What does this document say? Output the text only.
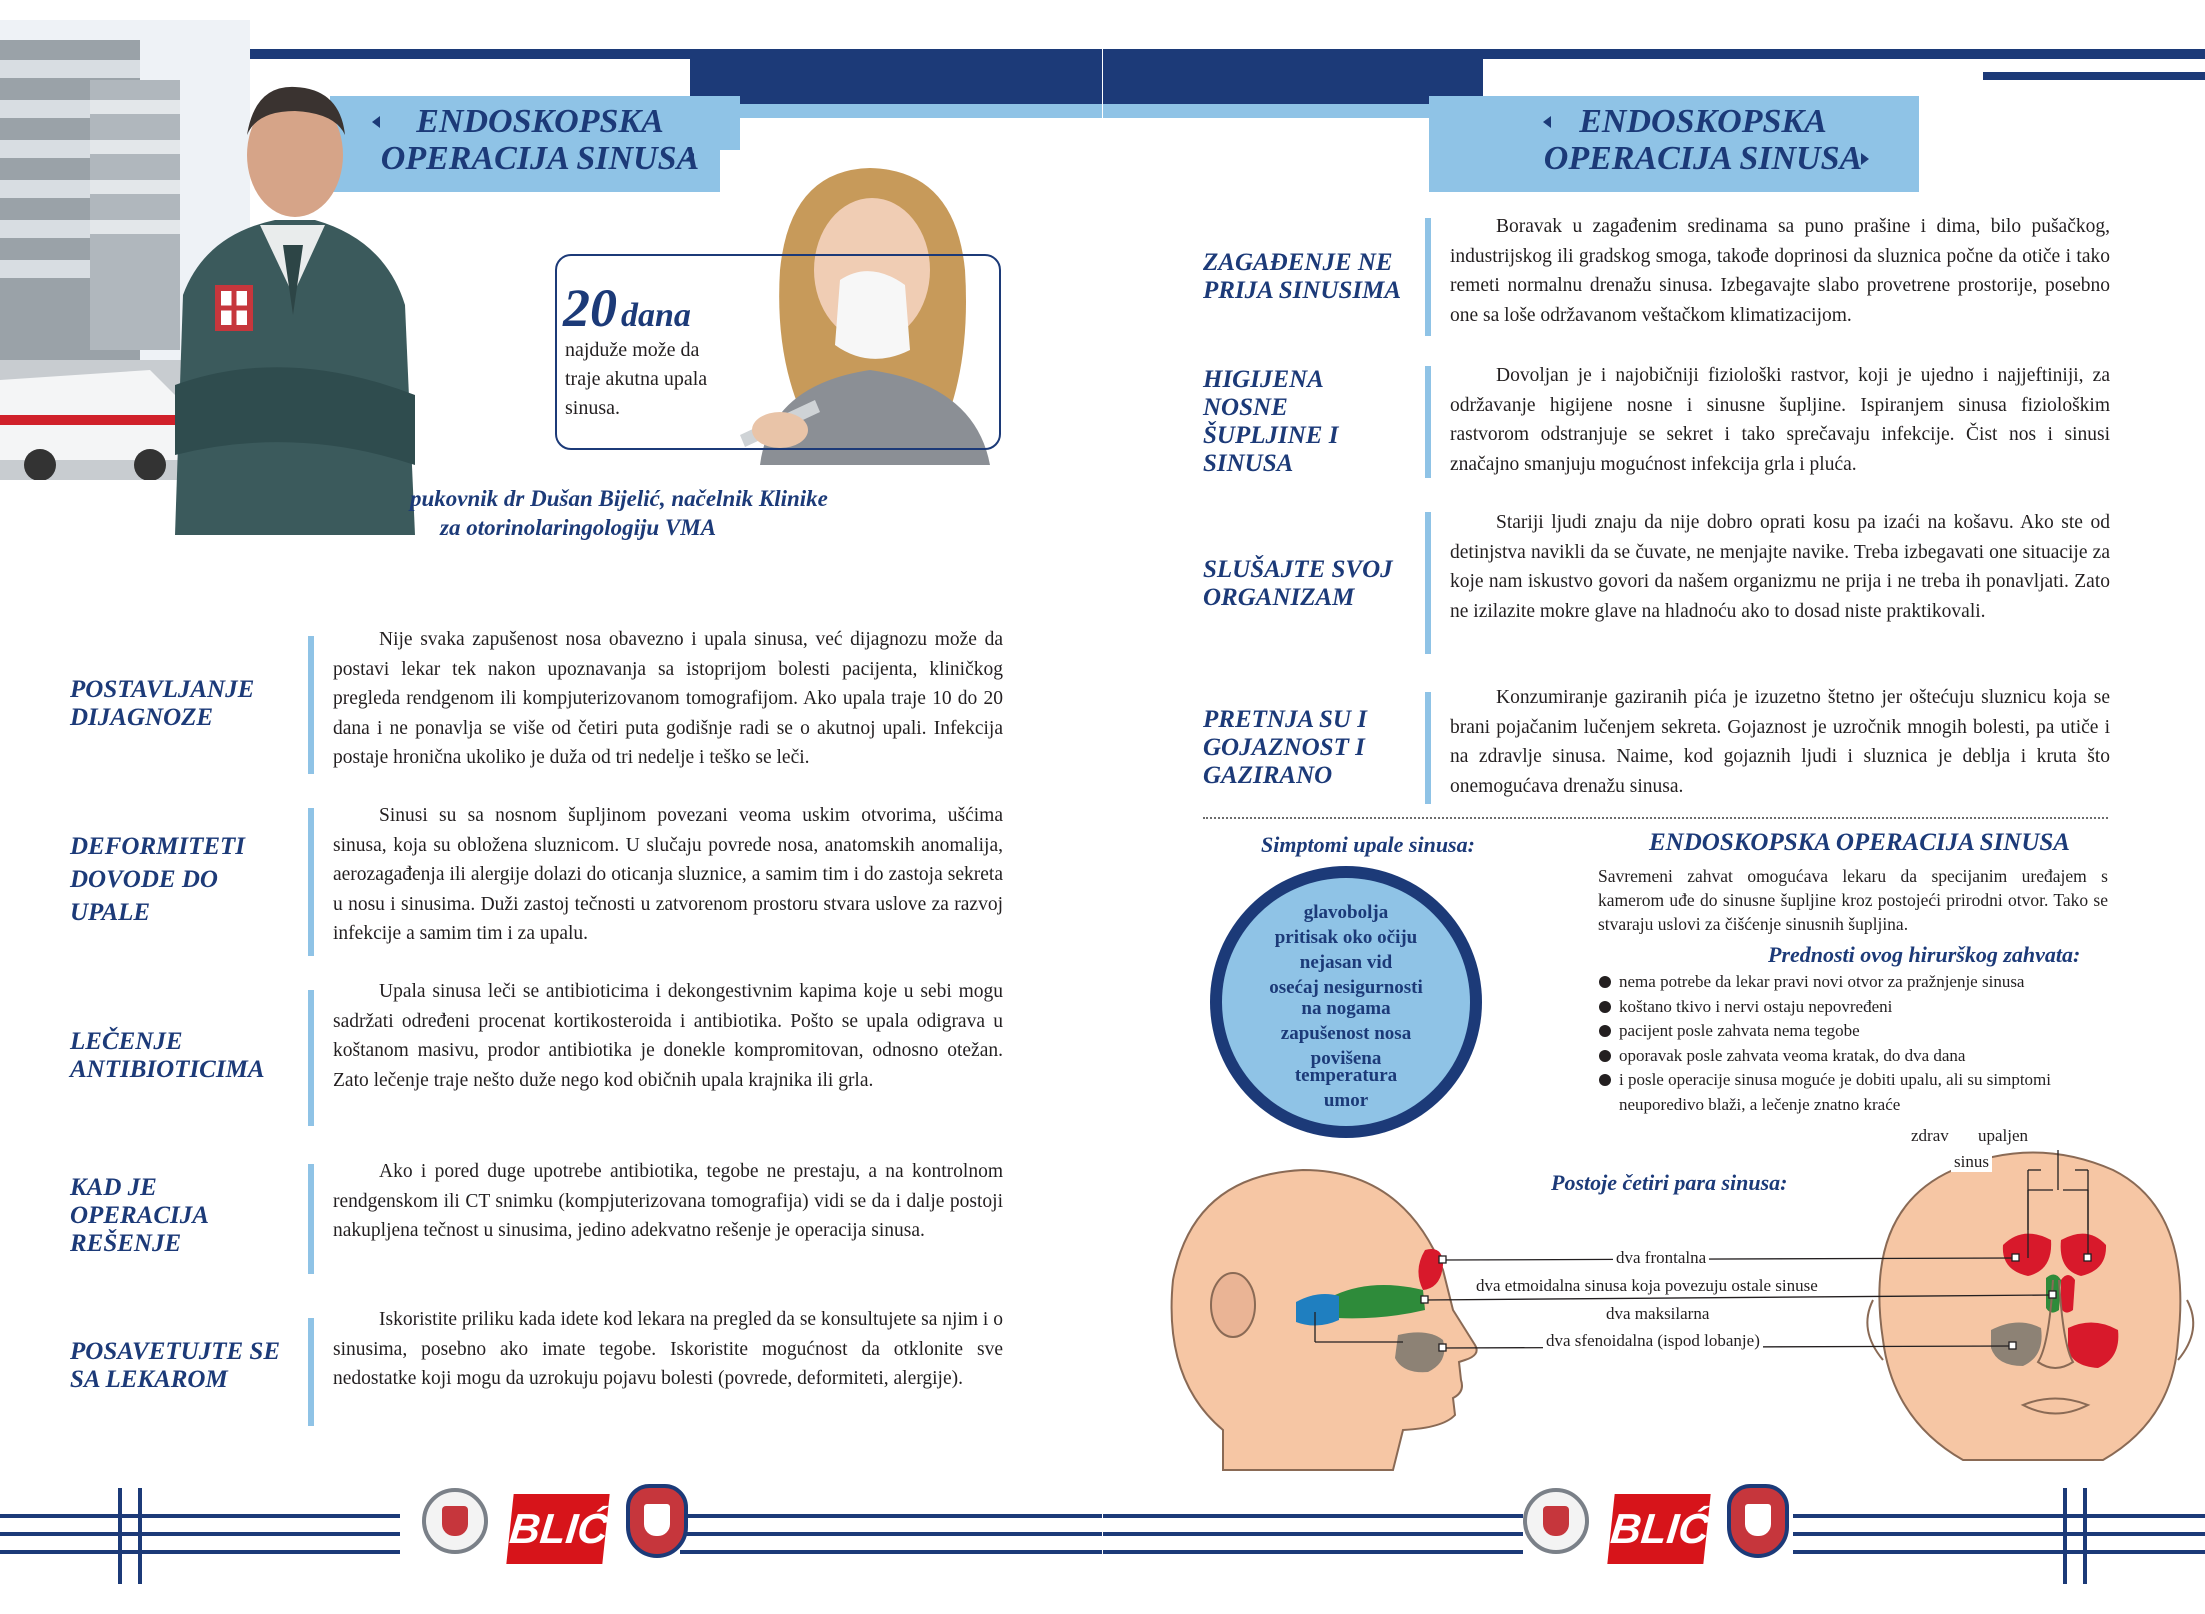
ENDOSKOPSKA
OPERACIJA SINUSA
20 dana
najduže može da traje akutna upala sinusa.
pukovnik dr Dušan Bijelić, načelnik Klinike
za otorinolaringologiju VMA
POSTAVLJANJE
DIJAGNOZE
Nije svaka zapušenost nosa obavezno i upala sinusa, već dijagnozu može da postavi lekar tek nakon upoznavanja sa istoprijom bolesti pacijenta, kliničkog pregleda rendgenom ili kompjuterizovanom tomografijom. Ako upala traje 10 do 20 dana i ne ponavlja se više od četiri puta godišnje radi se o akutnoj upali. Infekcija postaje hronična ukoliko je duža od tri nedelje i teško se leči.
DEFORMITETI
DOVODE DO
UPALE
Sinusi su sa nosnom šupljinom povezani veoma uskim otvorima, ušćima sinusa, koja su obložena sluznicom. U slučaju povrede nosa, anatomskih anomalija, aerozagađenja ili alergije dolazi do oticanja sluznice, a samim tim i do zastoja sekreta u nosu i sinusima. Duži zastoj tečnosti u zatvorenom prostoru stvara uslove za razvoj infekcije a samim tim i za upalu.
LEČENJE
ANTIBIOTICIMA
Upala sinusa leči se antibioticima i dekongestivnim kapima koje u sebi mogu sadržati određeni procenat kortikosteroida i antibiotika. Pošto se upala odigrava u koštanom masivu, prodor antibiotika je donekle kompromitovan, odnosno otežan. Zato lečenje traje nešto duže nego kod običnih upala krajnika ili grla.
KAD JE
OPERACIJA
REŠENJE
Ako i pored duge upotrebe antibiotika, tegobe ne prestaju, a na kontrolnom rendgenskom ili CT snimku (kompjuterizovana tomografija) vidi se da i dalje postoji nakupljena tečnost u sinusima, jedino adekvatno rešenje je operacija sinusa.
POSAVETUJTE SE
SA LEKAROM
Iskoristite priliku kada idete kod lekara na pregled da se konsultujete sa njim i o sinusima, posebno ako imate tegobe. Iskoristite mogućnost da otklonite sve nedostatke koji mogu da uzrokuju pojavu bolesti (povrede, deformiteti, alergije).
BLIĆ
ENDOSKOPSKA
OPERACIJA SINUSA
ZAGAĐENJE NE
PRIJA SINUSIMA
Boravak u zagađenim sredinama sa puno prašine i dima, bilo pušačkog, industrijskog ili gradskog smoga, takođe doprinosi da sluznica počne da otiče i tako remeti normalnu drenažu sinusa. Izbegavajte slabo provetrene prostorije, posebno one sa loše održavanom veštačkom klimatizacijom.
HIGIJENA
NOSNE
ŠUPLJINE I
SINUSA
Dovoljan je i najobičniji fiziološki rastvor, koji je ujedno i najjeftiniji, za održavanje higijene nosne i sinusne šupljine. Ispiranjem sinusa fiziološkim rastvorom odstranjuje se sekret i tako sprečavaju infekcije. Čist nos i sinusi značajno smanjuju mogućnost infekcija grla i pluća.
SLUŠAJTE SVOJ
ORGANIZAM
Stariji ljudi znaju da nije dobro oprati kosu pa izaći na košavu. Ako ste od detinjstva navikli da se čuvate, ne menjajte navike. Treba izbegavati one situacije za koje nam iskustvo govori da našem organizmu ne prija i ne treba ih ponavljati. Zato ne izilazite mokre glave na hladnoću ako to dosad niste praktikovali.
PRETNJA SU I
GOJAZNOST I
GAZIRANO
Konzumiranje gaziranih pića je izuzetno štetno jer oštećuju sluznicu koja se brani pojačanim lučenjem sekreta. Gojaznost je uzročnik mnogih bolesti, pa utiče i na zdravlje sinusa. Naime, kod gojaznih ljudi i sluznica je deblja i kruta što onemogućava drenažu sinusa.
Simptomi upale sinusa:
glavobolja
pritisak oko očiju
nejasan vid
osećaj nesigurnosti
na nogama
zapušenost nosa
povišena
temperatura
umor
ENDOSKOPSKA OPERACIJA SINUSA
Savremeni zahvat omogućava lekaru da specijanim uređajem s kamerom uđe do sinusne šupljine kroz postojeći prirodni otvor. Tako se stvaraju uslovi za čišćenje sinusnih šupljina.
Prednosti ovog hirurškog zahvata:
nema potrebe da lekar pravi novi otvor za pražnjenje sinusa
koštano tkivo i nervi ostaju nepovređeni
pacijent posle zahvata nema tegobe
oporavak posle zahvata veoma kratak, do dva dana
i posle operacije sinusa moguće je dobiti upalu, ali su simptomi neuporedivo blaži, a lečenje znatno krаće
Postoje četiri para sinusa:
zdrav upaljen
sinus
dva frontalna
dva etmoidalna sinusa koja povezuju ostale sinuse
dva maksilarna
dva sfenoidalna (ispod lobanje)
BLIĆ
